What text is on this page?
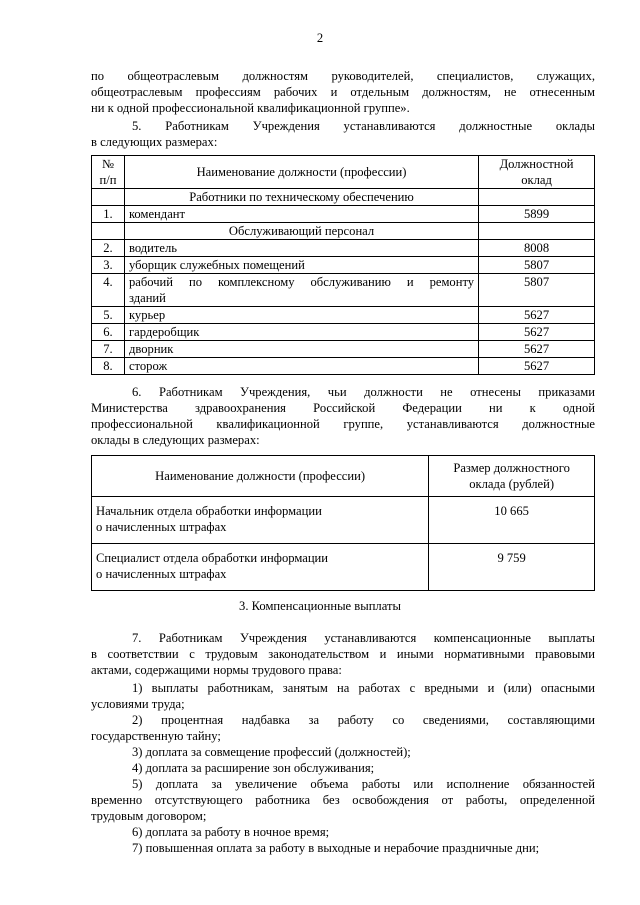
2

по общеотраслевым должностям руководителей, специалистов, служащих,

общеотраслевым профессиям рабочих и отдельным должностям, не отнесенным

ни к одной профессиональной квалификационной группе».

5. Работникам Учреждения устанавливаются должностные оклады

в следующих размерах:

№ п/п	Наименование должности (профессии)	Должностной оклад
	Работники по техническому обеспечению	
1.	комендант	5899
	Обслуживающий персонал	
2.	водитель	8008
3.	уборщик служебных помещений	5807
4.	рабочий по комплексному обслуживанию и ремонту
зданий	5807
5.	курьер	5627
6.	гардеробщик	5627
7.	дворник	5627
8.	сторож	5627

6. Работникам Учреждения, чьи должности не отнесены приказами

Министерства здравоохранения Российской Федерации ни к одной

профессиональной квалификационной группе, устанавливаются должностные

оклады в следующих размерах:

Наименование должности (профессии)	Размер должностного
оклада (рублей)

Начальник отдела обработки информации
о начисленных штрафах	10 665

Специалист отдела обработки информации
о начисленных штрафах	9 759
3. Компенсационные выплаты

7. Работникам Учреждения устанавливаются компенсационные выплаты

в соответствии с трудовым законодательством и иными нормативными правовыми

актами, содержащими нормы трудового права:

1) выплаты работникам, занятым на работах с вредными и (или) опасными

условиями труда;

2) процентная надбавка за работу со сведениями, составляющими

государственную тайну;

3) доплата за совмещение профессий (должностей);

4) доплата за расширение зон обслуживания;

5) доплата за увеличение объема работы или исполнение обязанностей

временно отсутствующего работника без освобождения от работы, определенной

трудовым договором;

6) доплата за работу в ночное время;

7) повышенная оплата за работу в выходные и нерабочие праздничные дни;
